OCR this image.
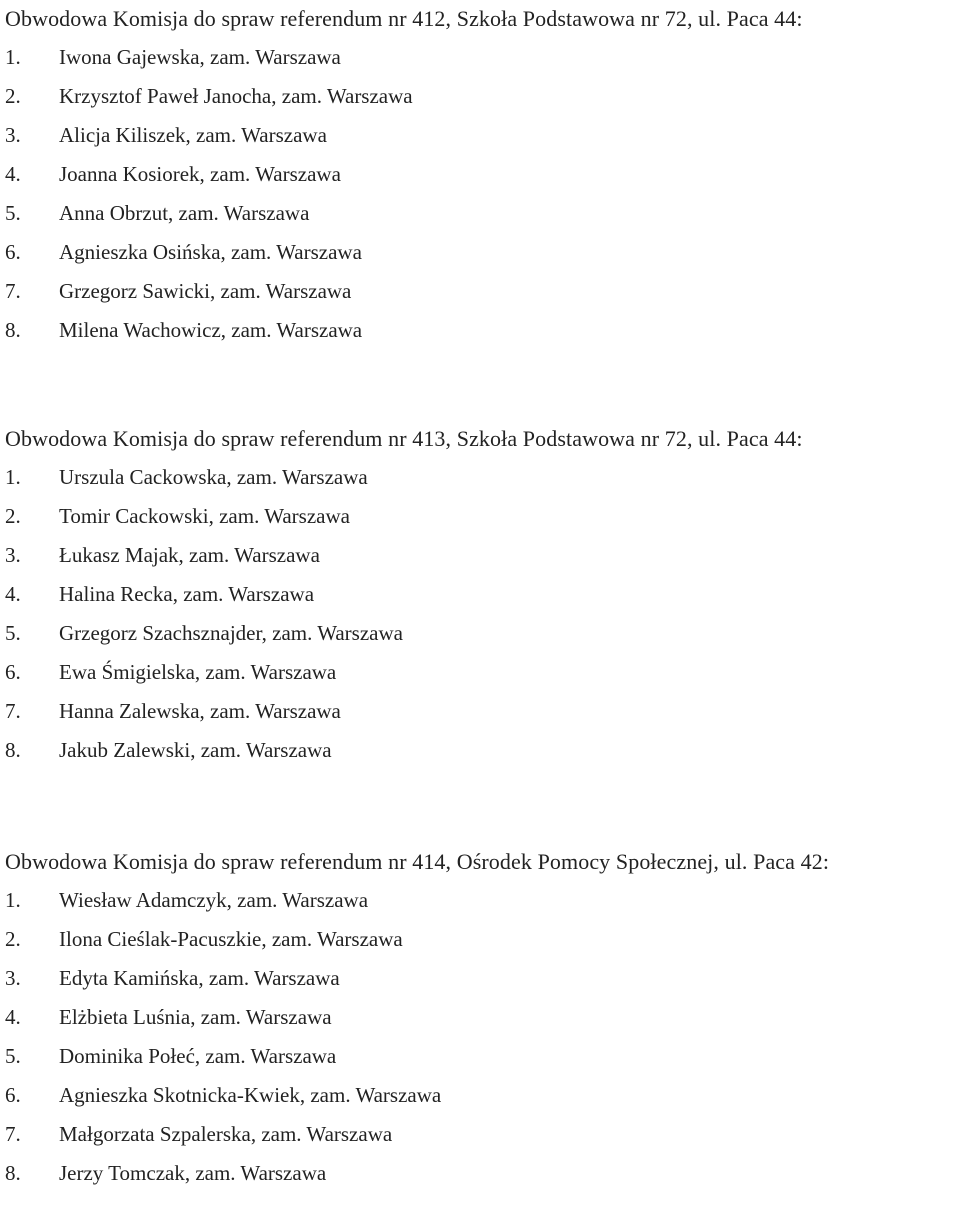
Obwodowa Komisja do spraw referendum nr 412, Szkoła Podstawowa nr 72, ul. Paca 44:

1.	Iwona Gajewska, zam. Warszawa
2.	Krzysztof Paweł Janocha, zam. Warszawa
3.	Alicja Kiliszek, zam. Warszawa
4.	Joanna Kosiorek, zam. Warszawa
5.	Anna Obrzut, zam. Warszawa
6.	Agnieszka Osińska, zam. Warszawa
7.	Grzegorz Sawicki, zam. Warszawa
8.	Milena Wachowicz, zam. Warszawa

Obwodowa Komisja do spraw referendum nr 413, Szkoła Podstawowa nr 72, ul. Paca 44:

1.	Urszula Cackowska, zam. Warszawa
2.	Tomir Cackowski, zam. Warszawa
3.	Łukasz Majak, zam. Warszawa
4.	Halina Recka, zam. Warszawa
5.	Grzegorz Szachsznajder, zam. Warszawa
6.	Ewa Śmigielska, zam. Warszawa
7.	Hanna Zalewska, zam. Warszawa
8.	Jakub Zalewski, zam. Warszawa

Obwodowa Komisja do spraw referendum nr 414, Ośrodek Pomocy Społecznej, ul. Paca 42:

1.	Wiesław Adamczyk, zam. Warszawa
2.	Ilona Cieślak-Pacuszkie, zam. Warszawa
3.	Edyta Kamińska, zam. Warszawa
4.	Elżbieta Luśnia, zam. Warszawa
5.	Dominika Połeć, zam. Warszawa
6.	Agnieszka Skotnicka-Kwiek, zam. Warszawa
7.	Małgorzata Szpalerska, zam. Warszawa
8.	Jerzy Tomczak, zam. Warszawa
